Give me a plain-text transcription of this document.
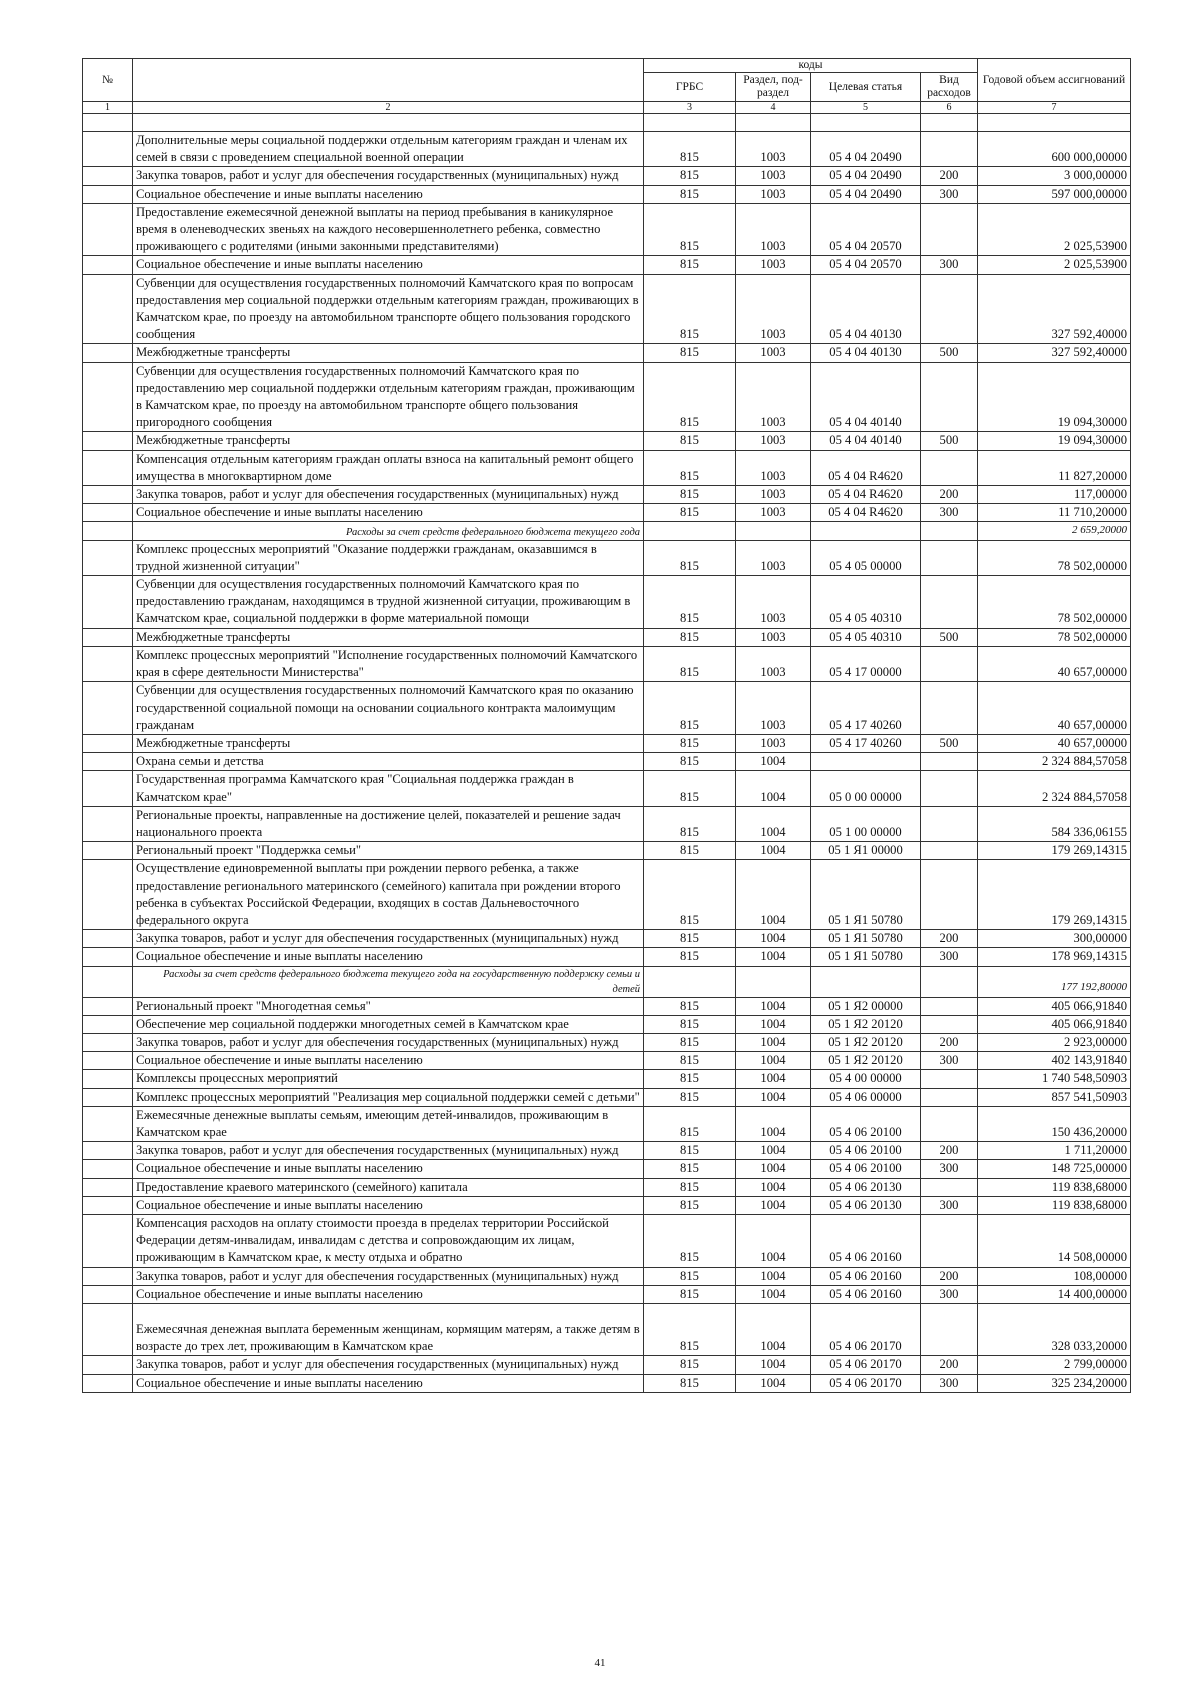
№		коды				Годовой объем ассигнований
		ГРБС	Раздел, под-раздел	Целевая статья	Вид расходов	
1	2	3	4	5	6	7

	Дополнительные меры социальной поддержки отдельным категориям граждан и членам их семей в связи с проведением специальной военной операции	815	1003	05 4 04 20490		600 000,00000
	Закупка товаров, работ и услуг для обеспечения государственных (муниципальных) нужд	815	1003	05 4 04 20490	200	3 000,00000
	Социальное обеспечение и иные выплаты населению	815	1003	05 4 04 20490	300	597 000,00000
	Предоставление ежемесячной денежной выплаты на период пребывания в каникулярное время в оленеводческих звеньях на каждого несовершеннолетнего ребенка, совместно проживающего с родителями (иными законными представителями)	815	1003	05 4 04 20570		2 025,53900
	Социальное обеспечение и иные выплаты населению	815	1003	05 4 04 20570	300	2 025,53900
	Субвенции для осуществления государственных полномочий Камчатского края по вопросам предоставления мер социальной поддержки отдельным категориям граждан, проживающих в Камчатском крае, по проезду на автомобильном транспорте общего пользования городского сообщения	815	1003	05 4 04 40130		327 592,40000
	Межбюджетные трансферты	815	1003	05 4 04 40130	500	327 592,40000
	Субвенции для осуществления государственных полномочий Камчатского края по предоставлению мер социальной поддержки отдельным категориям граждан, проживающим в Камчатском крае, по проезду на автомобильном транспорте общего пользования пригородного сообщения	815	1003	05 4 04 40140		19 094,30000
	Межбюджетные трансферты	815	1003	05 4 04 40140	500	19 094,30000
	Компенсация отдельным категориям граждан оплаты взноса на капитальный ремонт общего имущества в многоквартирном доме	815	1003	05 4 04 R4620		11 827,20000
	Закупка товаров, работ и услуг для обеспечения государственных (муниципальных) нужд	815	1003	05 4 04 R4620	200	117,00000
	Социальное обеспечение и иные выплаты населению	815	1003	05 4 04 R4620	300	11 710,20000
	Расходы за счет средств федерального бюджета текущего года					2 659,20000
	Комплекс процессных мероприятий "Оказание поддержки гражданам, оказавшимся в трудной жизненной ситуации"	815	1003	05 4 05 00000		78 502,00000
	Субвенции для осуществления государственных полномочий Камчатского края по предоставлению гражданам, находящимся в трудной жизненной ситуации, проживающим в Камчатском крае, социальной поддержки в форме материальной помощи	815	1003	05 4 05 40310		78 502,00000
	Межбюджетные трансферты	815	1003	05 4 05 40310	500	78 502,00000
	Комплекс процессных мероприятий "Исполнение государственных полномочий Камчатского края в сфере деятельности Министерства"	815	1003	05 4 17 00000		40 657,00000
	Субвенции для осуществления государственных полномочий Камчатского края по оказанию государственной социальной помощи на основании социального контракта малоимущим гражданам	815	1003	05 4 17 40260		40 657,00000
	Межбюджетные трансферты	815	1003	05 4 17 40260	500	40 657,00000
	Охрана семьи и детства	815	1004			2 324 884,57058
	Государственная программа Камчатского края "Социальная поддержка граждан в Камчатском крае"	815	1004	05 0 00 00000		2 324 884,57058
	Региональные проекты, направленные на достижение целей, показателей и решение задач национального проекта	815	1004	05 1 00 00000		584 336,06155
	Региональный проект "Поддержка семьи"	815	1004	05 1 Я1 00000		179 269,14315
	Осуществление единовременной выплаты при рождении первого ребенка, а также предоставление регионального материнского (семейного) капитала при рождении второго ребенка в субъектах Российской Федерации, входящих в состав Дальневосточного федерального округа	815	1004	05 1 Я1 50780		179 269,14315
	Закупка товаров, работ и услуг для обеспечения государственных (муниципальных) нужд	815	1004	05 1 Я1 50780	200	300,00000
	Социальное обеспечение и иные выплаты населению	815	1004	05 1 Я1 50780	300	178 969,14315
	Расходы за счет средств федерального бюджета текущего года на государственную поддержку семьи и детей					177 192,80000
	Региональный проект "Многодетная семья"	815	1004	05 1 Я2 00000		405 066,91840
	Обеспечение мер социальной поддержки многодетных семей в Камчатском крае	815	1004	05 1 Я2 20120		405 066,91840
	Закупка товаров, работ и услуг для обеспечения государственных (муниципальных) нужд	815	1004	05 1 Я2 20120	200	2 923,00000
	Социальное обеспечение и иные выплаты населению	815	1004	05 1 Я2 20120	300	402 143,91840
	Комплексы процессных мероприятий	815	1004	05 4 00 00000		1 740 548,50903
	Комплекс процессных мероприятий "Реализация мер социальной поддержки семей с детьми"	815	1004	05 4 06 00000		857 541,50903
	Ежемесячные денежные выплаты семьям, имеющим детей-инвалидов, проживающим в Камчатском крае	815	1004	05 4 06 20100		150 436,20000
	Закупка товаров, работ и услуг для обеспечения государственных (муниципальных) нужд	815	1004	05 4 06 20100	200	1 711,20000
	Социальное обеспечение и иные выплаты населению	815	1004	05 4 06 20100	300	148 725,00000
	Предоставление краевого материнского (семейного) капитала	815	1004	05 4 06 20130		119 838,68000
	Социальное обеспечение и иные выплаты населению	815	1004	05 4 06 20130	300	119 838,68000
	Компенсация расходов на оплату стоимости проезда в пределах территории Российской Федерации детям-инвалидам, инвалидам с детства и сопровождающим их лицам, проживающим в Камчатском крае, к месту отдыха и обратно	815	1004	05 4 06 20160		14 508,00000
	Закупка товаров, работ и услуг для обеспечения государственных (муниципальных) нужд	815	1004	05 4 06 20160	200	108,00000
	Социальное обеспечение и иные выплаты населению	815	1004	05 4 06 20160	300	14 400,00000
	Ежемесячная денежная выплата беременным женщинам, кормящим матерям, а также детям в возрасте до трех лет, проживающим в Камчатском крае	815	1004	05 4 06 20170		328 033,20000
	Закупка товаров, работ и услуг для обеспечения государственных (муниципальных) нужд	815	1004	05 4 06 20170	200	2 799,00000
	Социальное обеспечение и иные выплаты населению	815	1004	05 4 06 20170	300	325 234,20000
41
